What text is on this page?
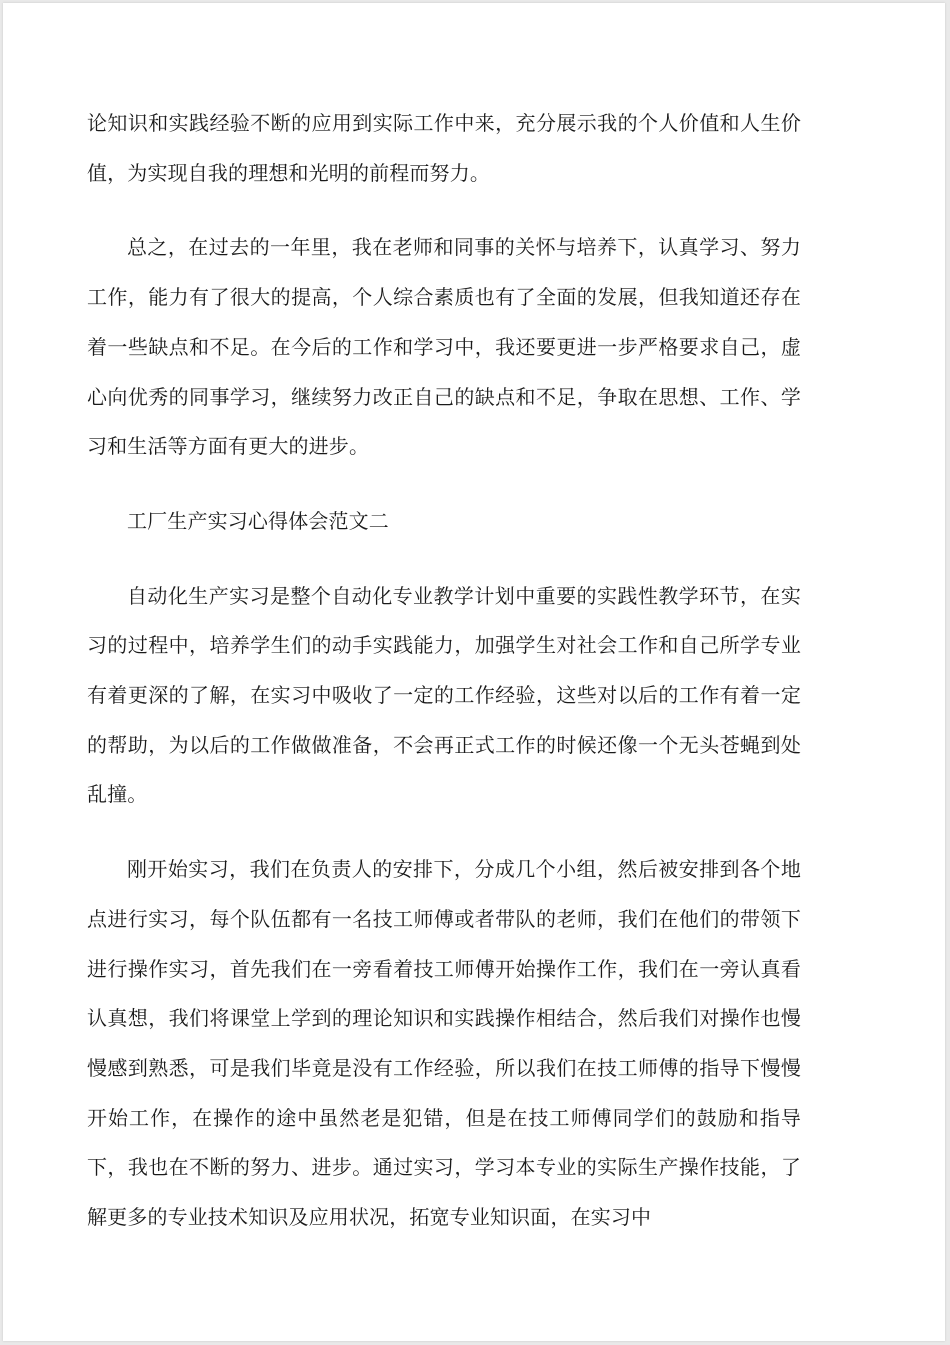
论知识和实践经验不断的应用到实际工作中来，充分展示我的个人价值和人生价值，为实现自我的理想和光明的前程而努力。

总之，在过去的一年里，我在老师和同事的关怀与培养下，认真学习、努力工作，能力有了很大的提高，个人综合素质也有了全面的发展，但我知道还存在着一些缺点和不足。在今后的工作和学习中，我还要更进一步严格要求自己，虚心向优秀的同事学习，继续努力改正自己的缺点和不足，争取在思想、工作、学习和生活等方面有更大的进步。

工厂生产实习心得体会范文二

自动化生产实习是整个自动化专业教学计划中重要的实践性教学环节，在实习的过程中，培养学生们的动手实践能力，加强学生对社会工作和自己所学专业有着更深的了解，在实习中吸收了一定的工作经验，这些对以后的工作有着一定的帮助，为以后的工作做做准备，不会再正式工作的时候还像一个无头苍蝇到处乱撞。

刚开始实习，我们在负责人的安排下，分成几个小组，然后被安排到各个地点进行实习，每个队伍都有一名技工师傅或者带队的老师，我们在他们的带领下进行操作实习，首先我们在一旁看着技工师傅开始操作工作，我们在一旁认真看认真想，我们将课堂上学到的理论知识和实践操作相结合，然后我们对操作也慢慢感到熟悉，可是我们毕竟是没有工作经验，所以我们在技工师傅的指导下慢慢开始工作，在操作的途中虽然老是犯错，但是在技工师傅同学们的鼓励和指导下，我也在不断的努力、进步。通过实习，学习本专业的实际生产操作技能，了解更多的专业技术知识及应用状况，拓宽专业知识面，在实习中
